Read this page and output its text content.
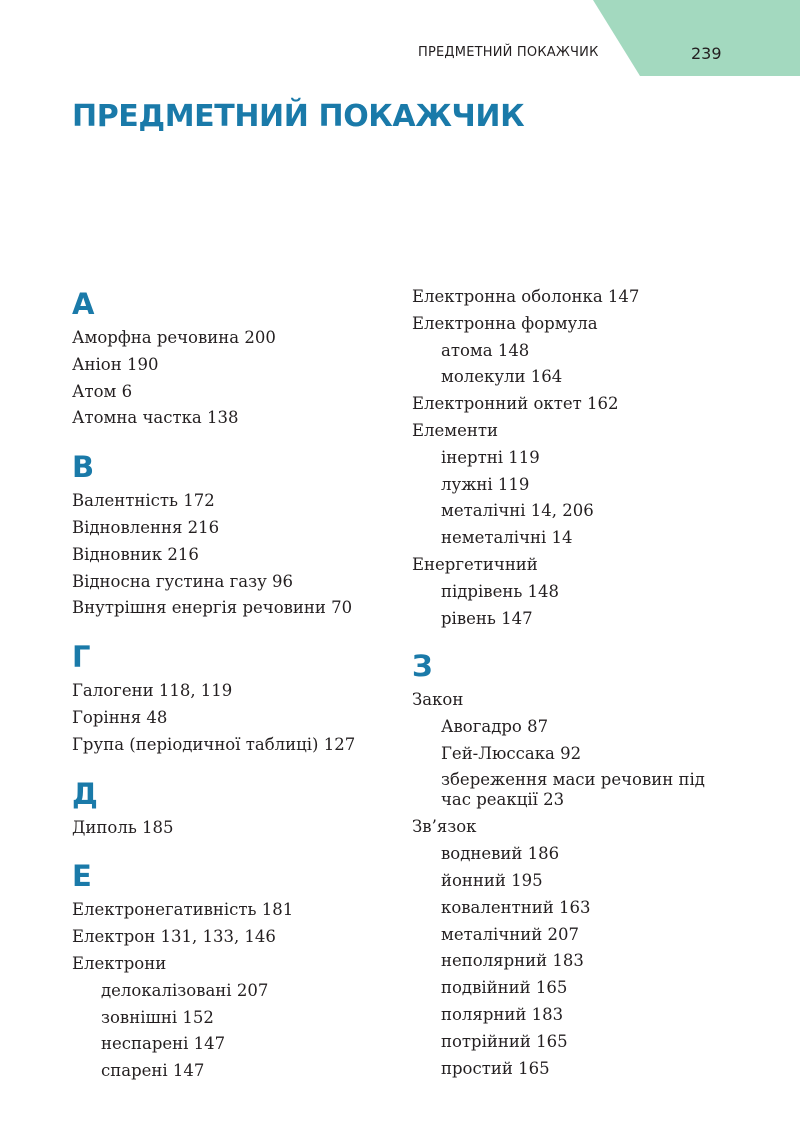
ПРЕДМЕТНИЙ ПОКАЖЧИК	239
ПРЕДМЕТНИЙ ПОКАЖЧИК
А
Аморфна речовина 200
Аніон 190
Атом 6
Атомна частка 138
В
Валентність 172
Відновлення 216
Відновник 216
Відносна густина газу 96
Внутрішня енергія речовини 70
Г
Галогени 118, 119
Горіння 48
Група (періодичної таблиці) 127
Д
Диполь 185
Е
Електронегативність 181
Електрон 131, 133, 146
Електрони
делокалізовані 207
зовнішні 152
неспарені 147
спарені 147
Електронна оболонка 147
Електронна формула
атома 148
молекули 164
Електронний октет 162
Елементи
інертні 119
лужні 119
металічні 14, 206
неметалічні 14
Енергетичний
підрівень 148
рівень 147
З
Закон
Авогадро 87
Гей-Люссака 92
збереження маси речовин під час реакції 23
Зв’язок
водневий 186
йонний 195
ковалентний 163
металічний 207
неполярний 183
подвійний 165
полярний 183
потрійний 165
простий 165
